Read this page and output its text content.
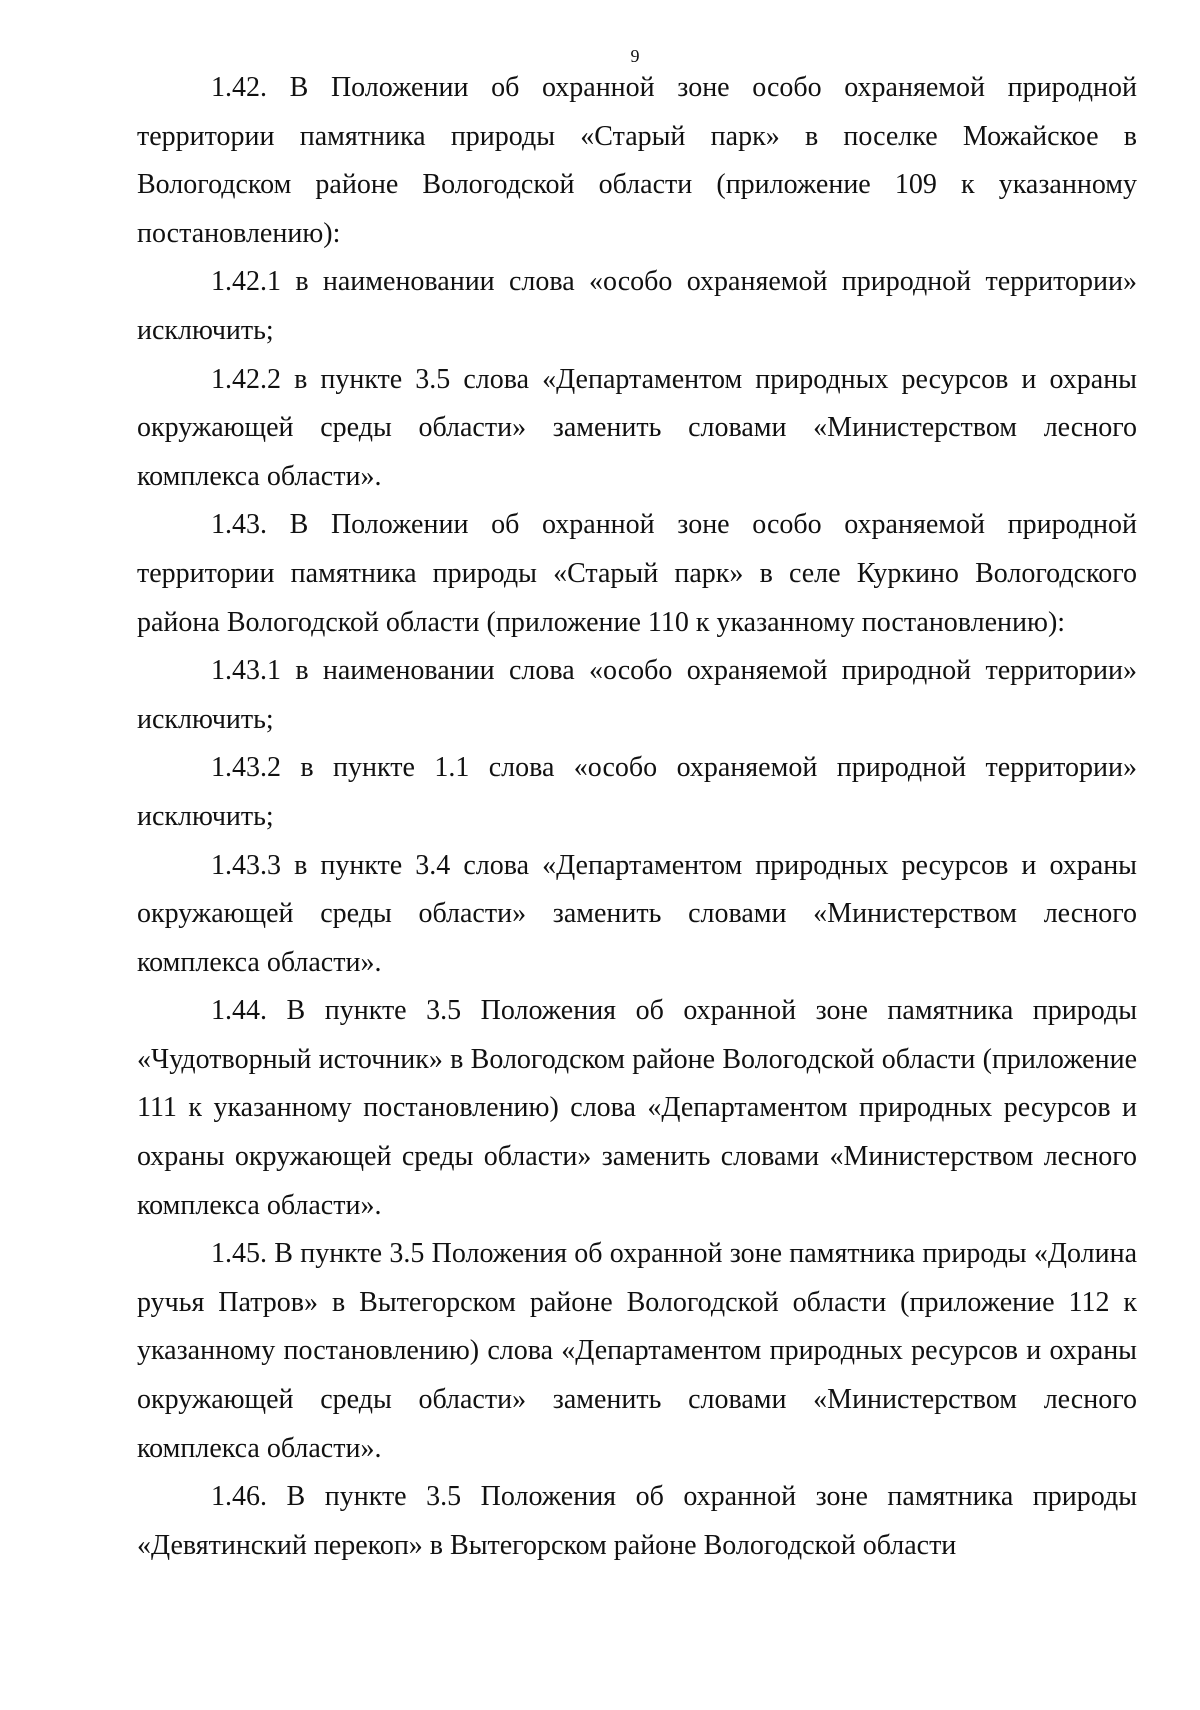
9

1.42. В Положении об охранной зоне особо охраняемой природной территории памятника природы «Старый парк» в поселке Можайское в Вологодском районе Вологодской области (приложение 109 к указанному постановлению):

1.42.1 в наименовании слова «особо охраняемой природной территории» исключить;

1.42.2 в пункте 3.5 слова «Департаментом природных ресурсов и охраны окружающей среды области» заменить словами «Министерством лесного комплекса области».

1.43. В Положении об охранной зоне особо охраняемой природной территории памятника природы «Старый парк» в селе Куркино Вологодского района Вологодской области (приложение 110 к указанному постановлению):

1.43.1 в наименовании слова «особо охраняемой природной территории» исключить;

1.43.2 в пункте 1.1 слова «особо охраняемой природной территории» исключить;

1.43.3 в пункте 3.4 слова «Департаментом природных ресурсов и охраны окружающей среды области» заменить словами «Министерством лесного комплекса области».

1.44. В пункте 3.5 Положения об охранной зоне памятника природы «Чудотворный источник» в Вологодском районе Вологодской области (приложение 111 к указанному постановлению) слова «Департаментом природных ресурсов и охраны окружающей среды области» заменить словами «Министерством лесного комплекса области».

1.45. В пункте 3.5 Положения об охранной зоне памятника природы «Долина ручья Патров» в Вытегорском районе Вологодской области (приложение 112 к указанному постановлению) слова «Департаментом природных ресурсов и охраны окружающей среды области» заменить словами «Министерством лесного комплекса области».

1.46. В пункте 3.5 Положения об охранной зоне памятника природы «Девятинский перекоп» в Вытегорском районе Вологодской области
